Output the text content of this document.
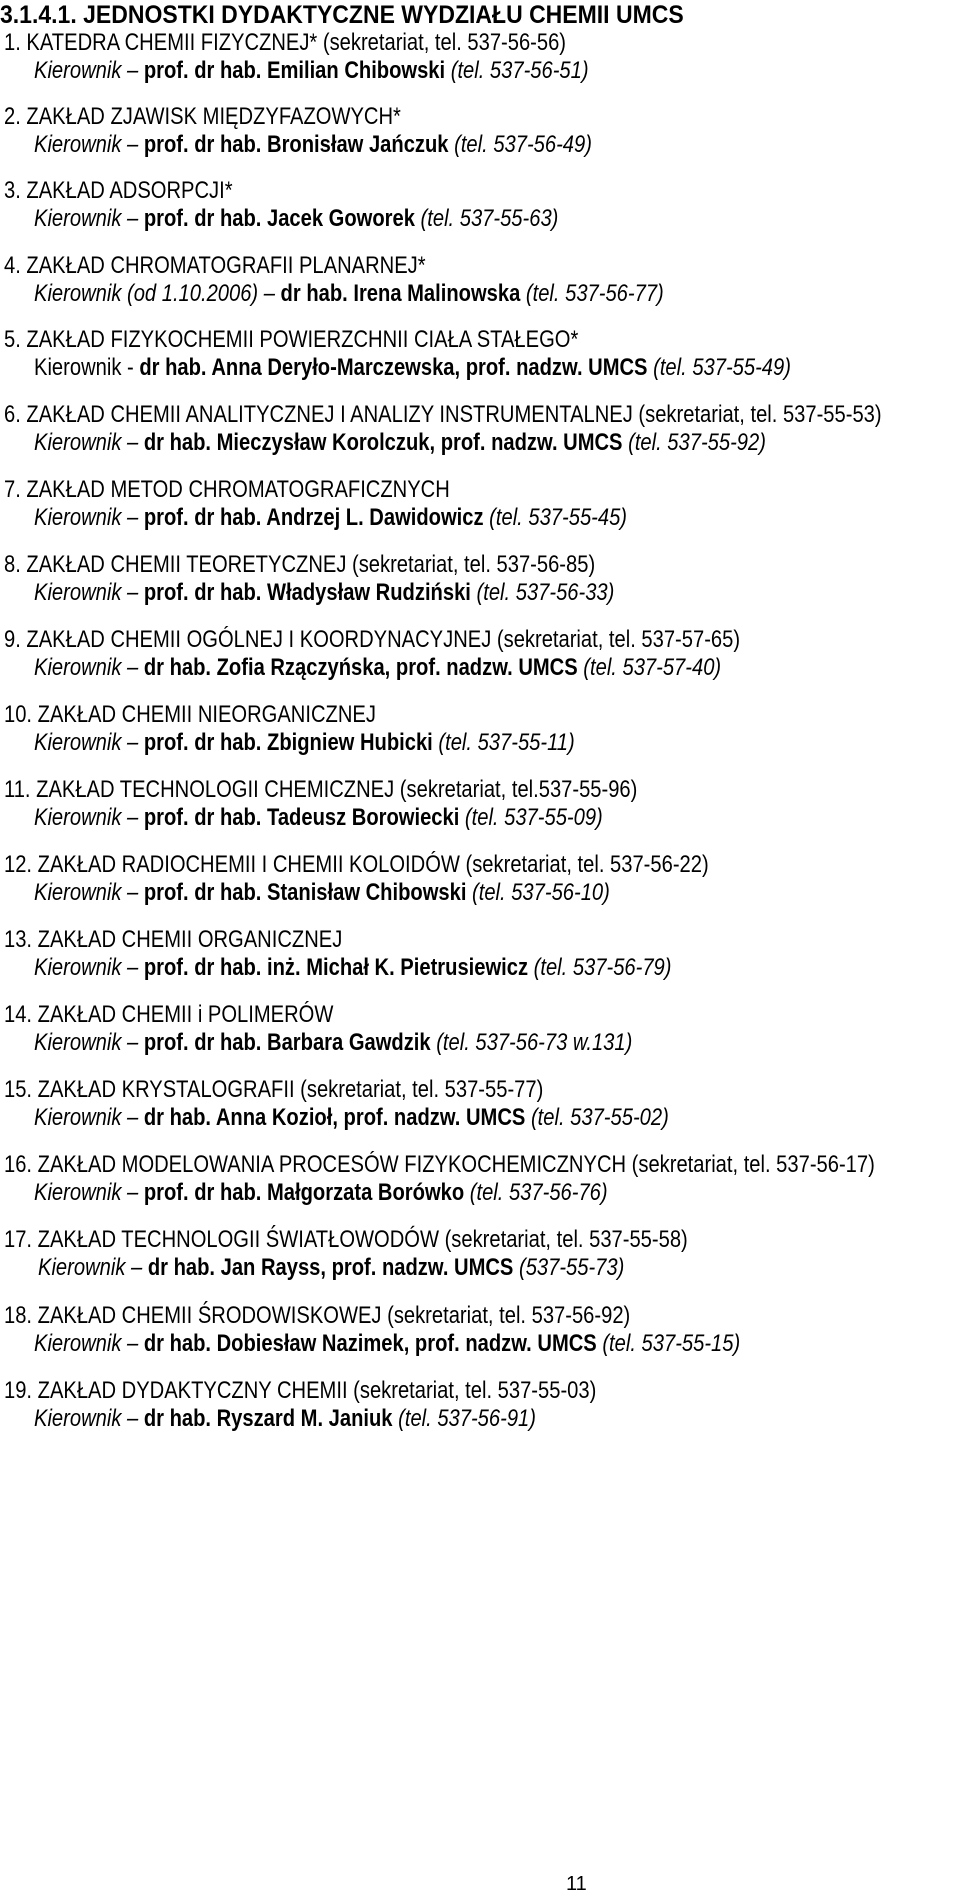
3.1.4.1. JEDNOSTKI DYDAKTYCZNE WYDZIAŁU CHEMII UMCS
1. KATEDRA CHEMII FIZYCZNEJ* (sekretariat, tel. 537-56-56)
Kierownik – prof. dr hab. Emilian Chibowski (tel. 537-56-51)
2. ZAKŁAD ZJAWISK MIĘDZYFAZOWYCH*
Kierownik – prof. dr hab. Bronisław Jańczuk (tel. 537-56-49)
3. ZAKŁAD ADSORPCJI*
Kierownik – prof. dr hab. Jacek Goworek (tel. 537-55-63)
4. ZAKŁAD CHROMATOGRAFII PLANARNEJ*
Kierownik (od 1.10.2006) – dr hab. Irena Malinowska (tel. 537-56-77)
5. ZAKŁAD FIZYKOCHEMII POWIERZCHNII CIAŁA STAŁEGO*
Kierownik - dr hab. Anna Deryło-Marczewska, prof. nadzw. UMCS (tel. 537-55-49)
6. ZAKŁAD CHEMII ANALITYCZNEJ I ANALIZY INSTRUMENTALNEJ (sekretariat, tel. 537-55-53)
Kierownik – dr hab. Mieczysław Korolczuk, prof. nadzw. UMCS (tel. 537-55-92)
7. ZAKŁAD METOD CHROMATOGRAFICZNYCH
Kierownik – prof. dr hab. Andrzej L. Dawidowicz (tel. 537-55-45)
8. ZAKŁAD CHEMII TEORETYCZNEJ (sekretariat, tel. 537-56-85)
Kierownik – prof. dr hab. Władysław Rudziński (tel. 537-56-33)
9. ZAKŁAD CHEMII OGÓLNEJ I KOORDYNACYJNEJ (sekretariat, tel. 537-57-65)
Kierownik – dr hab. Zofia Rzączyńska, prof. nadzw. UMCS (tel. 537-57-40)
10. ZAKŁAD CHEMII NIEORGANICZNEJ
Kierownik – prof. dr hab. Zbigniew Hubicki (tel. 537-55-11)
11. ZAKŁAD TECHNOLOGII CHEMICZNEJ (sekretariat, tel.537-55-96)
Kierownik – prof. dr hab. Tadeusz Borowiecki (tel. 537-55-09)
12. ZAKŁAD RADIOCHEMII I CHEMII KOLOIDÓW (sekretariat, tel. 537-56-22)
Kierownik – prof. dr hab. Stanisław Chibowski (tel. 537-56-10)
13. ZAKŁAD CHEMII ORGANICZNEJ
Kierownik – prof. dr hab. inż. Michał K. Pietrusiewicz (tel. 537-56-79)
14. ZAKŁAD CHEMII i POLIMERÓW
Kierownik – prof. dr hab. Barbara Gawdzik (tel. 537-56-73 w.131)
15. ZAKŁAD KRYSTALOGRAFII (sekretariat, tel. 537-55-77)
Kierownik – dr hab. Anna Kozioł, prof. nadzw. UMCS (tel. 537-55-02)
16. ZAKŁAD MODELOWANIA PROCESÓW FIZYKOCHEMICZNYCH (sekretariat, tel. 537-56-17)
Kierownik – prof. dr hab. Małgorzata Borówko (tel. 537-56-76)
17. ZAKŁAD TECHNOLOGII ŚWIATŁOWODÓW (sekretariat, tel. 537-55-58)
Kierownik – dr hab. Jan Rayss, prof. nadzw. UMCS (537-55-73)
18. ZAKŁAD CHEMII ŚRODOWISKOWEJ (sekretariat, tel. 537-56-92)
Kierownik – dr hab. Dobiesław Nazimek, prof. nadzw. UMCS (tel. 537-55-15)
19. ZAKŁAD DYDAKTYCZNY CHEMII (sekretariat, tel. 537-55-03)
Kierownik – dr hab. Ryszard M. Janiuk (tel. 537-56-91)
11
